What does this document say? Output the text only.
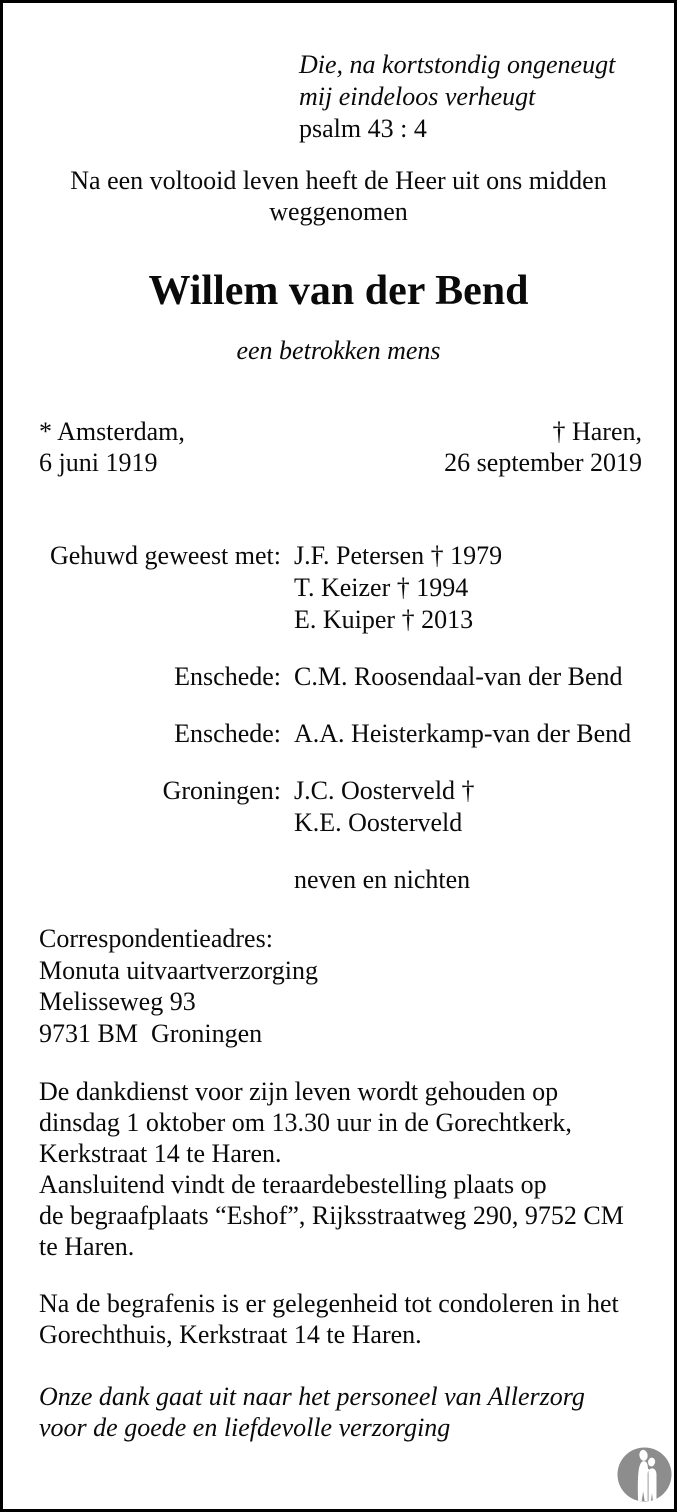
Die, na kortstondig ongeneugt
mij eindeloos verheugt
psalm 43 : 4
Na een voltooid leven heeft de Heer uit ons midden
weggenomen
Willem van der Bend
een betrokken mens
* Amsterdam,
6 juni 1919
† Haren,
26 september 2019
Gehuwd geweest met: J.F. Petersen † 1979
T. Keizer † 1994
E. Kuiper † 2013
Enschede: C.M. Roosendaal-van der Bend
Enschede: A.A. Heisterkamp-van der Bend
Groningen: J.C. Oosterveld †
K.E. Oosterveld
neven en nichten
Correspondentieadres:
Monuta uitvaartverzorging
Melisseweg 93
9731 BM  Groningen
De dankdienst voor zijn leven wordt gehouden op
dinsdag 1 oktober om 13.30 uur in de Gorechtkerk,
Kerkstraat 14 te Haren.
Aansluitend vindt de teraardebestelling plaats op
de begraafplaats “Eshof”, Rijksstraatweg 290, 9752 CM
te Haren.
Na de begrafenis is er gelegenheid tot condoleren in het
Gorechthuis, Kerkstraat 14 te Haren.
Onze dank gaat uit naar het personeel van Allerzorg
voor de goede en liefdevolle verzorging
